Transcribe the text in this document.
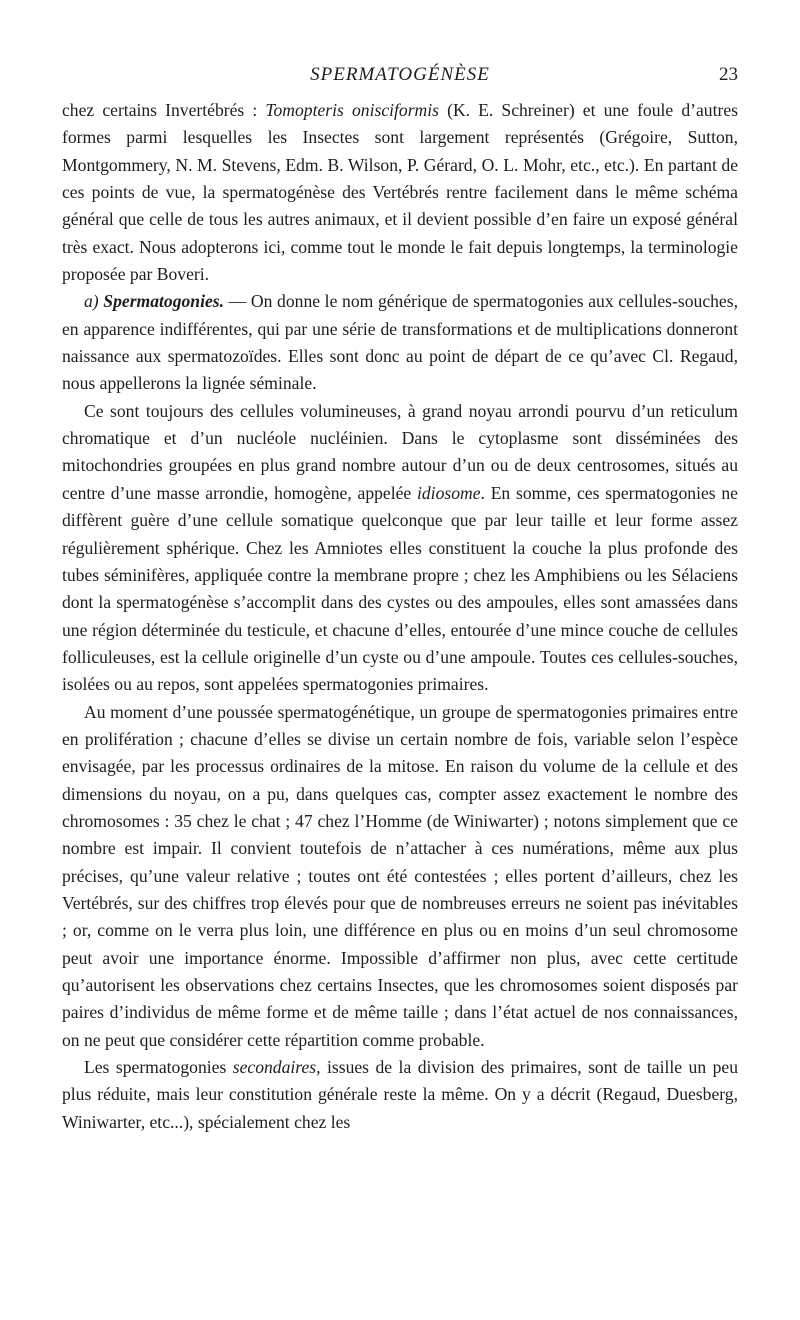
SPERMATOGÉNÈSE	23

chez certains Invertébrés : Tomopteris onisciformis (K. E. Schreiner) et une foule d’autres formes parmi lesquelles les Insectes sont largement représentés (Grégoire, Sutton, Montgommery, N. M. Stevens, Edm. B. Wilson, P. Gérard, O. L. Mohr, etc., etc.). En partant de ces points de vue, la spermatogénèse des Vertébrés rentre facilement dans le même schéma général que celle de tous les autres animaux, et il devient possible d’en faire un exposé général très exact. Nous adopterons ici, comme tout le monde le fait depuis longtemps, la terminologie proposée par Boveri.

a) Spermatogonies. — On donne le nom générique de spermatogonies aux cellules-souches, en apparence indifférentes, qui par une série de transformations et de multiplications donneront naissance aux spermatozoïdes. Elles sont donc au point de départ de ce qu’avec Cl. Regaud, nous appellerons la lignée séminale.

Ce sont toujours des cellules volumineuses, à grand noyau arrondi pourvu d’un reticulum chromatique et d’un nucléole nucléinien. Dans le cytoplasme sont disséminées des mitochondries groupées en plus grand nombre autour d’un ou de deux centrosomes, situés au centre d’une masse arrondie, homogène, appelée idiosome. En somme, ces spermatogonies ne diffèrent guère d’une cellule somatique quelconque que par leur taille et leur forme assez régulièrement sphérique. Chez les Amniotes elles constituent la couche la plus profonde des tubes séminifères, appliquée contre la membrane propre ; chez les Amphibiens ou les Sélaciens dont la spermatogénèse s’accomplit dans des cystes ou des ampoules, elles sont amassées dans une région déterminée du testicule, et chacune d’elles, entourée d’une mince couche de cellules folliculeuses, est la cellule originelle d’un cyste ou d’une ampoule. Toutes ces cellules-souches, isolées ou au repos, sont appelées spermatogonies primaires.

Au moment d’une poussée spermatogénétique, un groupe de spermatogonies primaires entre en prolifération ; chacune d’elles se divise un certain nombre de fois, variable selon l’espèce envisagée, par les processus ordinaires de la mitose. En raison du volume de la cellule et des dimensions du noyau, on a pu, dans quelques cas, compter assez exactement le nombre des chromosomes : 35 chez le chat ; 47 chez l’Homme (de Winiwarter) ; notons simplement que ce nombre est impair. Il convient toutefois de n’attacher à ces numérations, même aux plus précises, qu’une valeur relative ; toutes ont été contestées ; elles portent d’ailleurs, chez les Vertébrés, sur des chiffres trop élevés pour que de nombreuses erreurs ne soient pas inévitables ; or, comme on le verra plus loin, une différence en plus ou en moins d’un seul chromosome peut avoir une importance énorme. Impossible d’affirmer non plus, avec cette certitude qu’autorisent les observations chez certains Insectes, que les chromosomes soient disposés par paires d’individus de même forme et de même taille ; dans l’état actuel de nos connaissances, on ne peut que considérer cette répartition comme probable.

Les spermatogonies secondaires, issues de la division des primaires, sont de taille un peu plus réduite, mais leur constitution générale reste la même. On y a décrit (Regaud, Duesberg, Winiwarter, etc...), spécialement chez les
